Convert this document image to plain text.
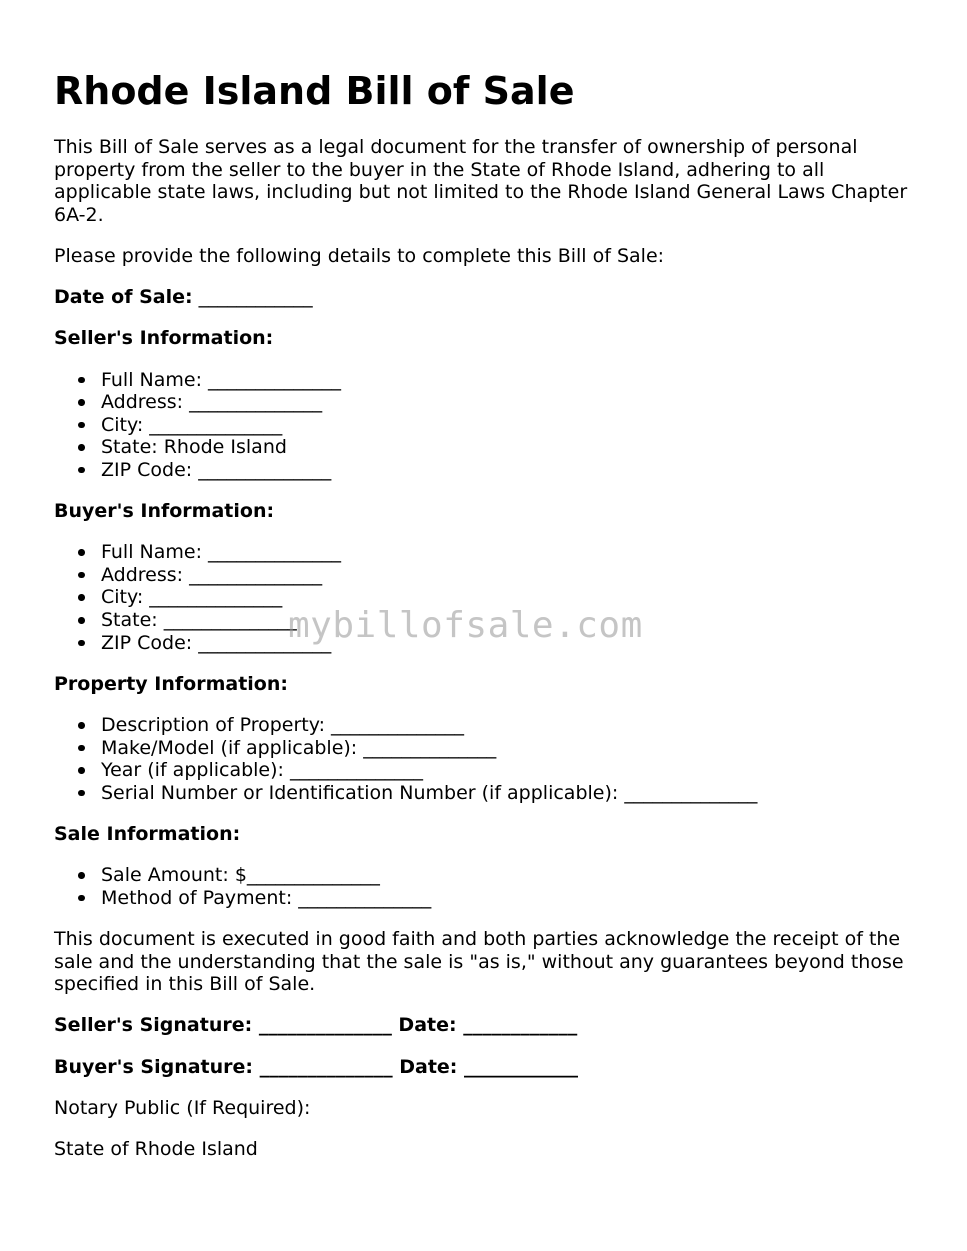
Rhode Island Bill of Sale

This Bill of Sale serves as a legal document for the transfer of ownership of personal property from the seller to the buyer in the State of Rhode Island, adhering to all applicable state laws, including but not limited to the Rhode Island General Laws Chapter 6A-2.

Please provide the following details to complete this Bill of Sale:

Date of Sale: ____________

Seller's Information:

Full Name: ______________
Address: ______________
City: ______________
State: Rhode Island
ZIP Code: ______________

Buyer's Information:

Full Name: ______________
Address: ______________
City: ______________
State: ______________
ZIP Code: ______________

Property Information:

Description of Property: ______________
Make/Model (if applicable): ______________
Year (if applicable): ______________
Serial Number or Identification Number (if applicable): ______________

Sale Information:

Sale Amount: $______________
Method of Payment: ______________

This document is executed in good faith and both parties acknowledge the receipt of the sale and the understanding that the sale is "as is," without any guarantees beyond those specified in this Bill of Sale.

Seller's Signature: ______________ Date: ____________

Buyer's Signature: ______________ Date: ____________

Notary Public (If Required):

State of Rhode Island

mybillofsale.com
